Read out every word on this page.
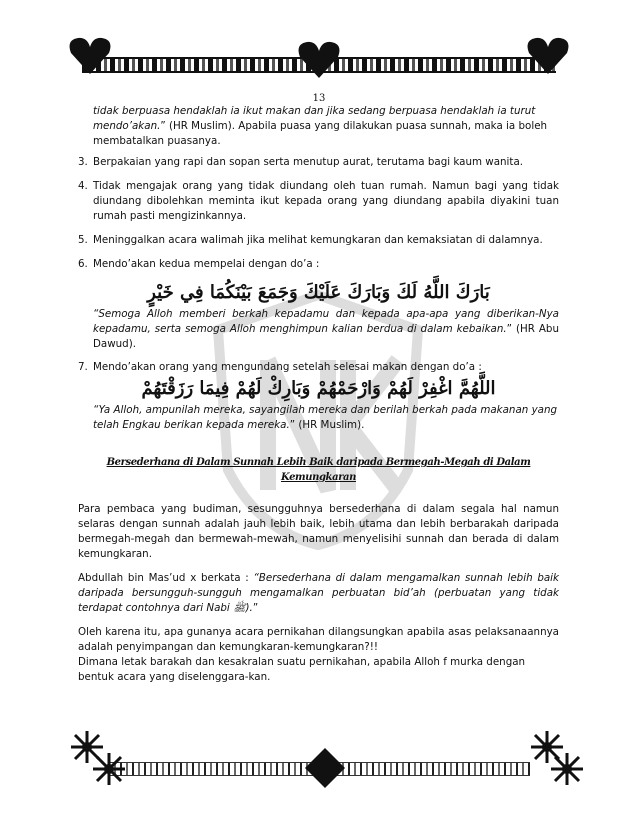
13

tidak berpuasa hendaklah ia ikut makan dan jika sedang berpuasa hendaklah ia turut mendo’akan.” (HR Muslim). Apabila puasa yang dilakukan puasa sunnah, maka ia boleh membatalkan puasanya.

3. Berpakaian yang rapi dan sopan serta menutup aurat, terutama bagi kaum wanita.

4. Tidak mengajak orang yang tidak diundang oleh tuan rumah. Namun bagi yang tidak diundang dibolehkan meminta ikut kepada orang yang diundang apabila diyakini tuan rumah pasti mengizinkannya.

5. Meninggalkan acara walimah jika melihat kemungkaran dan kemaksiatan di dalamnya.

6. Mendo’akan kedua mempelai dengan do’a :

بَارَكَ اللَّهُ لَكَ وَبَارَكَ عَلَيْكَ وَجَمَعَ بَيْنَكُمَا فِي خَيْرٍ

“Semoga Alloh memberi berkah kepadamu dan kepada apa-apa yang diberikan-Nya kepadamu, serta semoga Alloh menghimpun kalian berdua di dalam kebaikan.” (HR Abu Dawud).

7. Mendo’akan orang yang mengundang setelah selesai makan dengan do’a :

اللَّهُمَّ اغْفِرْ لَهُمْ وَارْحَمْهُمْ وَبَارِكْ لَهُمْ فِيمَا رَزَقْتَهُمْ

“Ya Alloh, ampunilah mereka, sayangilah mereka dan berilah berkah pada makanan yang telah Engkau berikan kepada mereka.” (HR Muslim).

Bersederhana di Dalam Sunnah Lebih Baik daripada Bermegah-Megah di Dalam Kemungkaran

Para pembaca yang budiman, sesungguhnya bersederhana di dalam segala hal namun selaras dengan sunnah adalah jauh lebih baik, lebih utama dan lebih berbarakah daripada bermegah-megah dan bermewah-mewah, namun menyelisihi sunnah dan berada di dalam kemungkaran.

Abdullah bin Mas’ud x berkata : “Bersederhana di dalam mengamalkan sunnah lebih baik daripada bersungguh-sungguh mengamalkan perbuatan bid’ah (perbuatan yang tidak terdapat contohnya dari Nabi ﷺ).”

Oleh karena itu, apa gunanya acara pernikahan dilangsungkan apabila asas pelaksanaannya adalah penyimpangan dan kemungkaran-kemungkaran?!!

Dimana letak barakah dan kesakralan suatu pernikahan, apabila Alloh f murka dengan bentuk acara yang diselenggara-kan.
